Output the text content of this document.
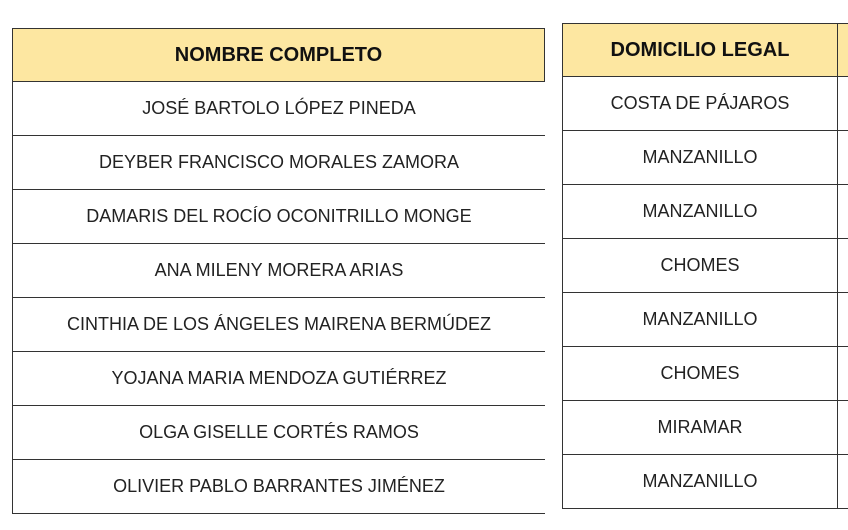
NOMBRE COMPLETO
JOSÉ BARTOLO LÓPEZ PINEDA
DEYBER FRANCISCO MORALES ZAMORA
DAMARIS DEL ROCÍO OCONITRILLO MONGE
ANA MILENY MORERA ARIAS
CINTHIA DE LOS ÁNGELES MAIRENA BERMÚDEZ
YOJANA MARIA MENDOZA GUTIÉRREZ
OLGA GISELLE CORTÉS RAMOS
OLIVIER PABLO BARRANTES JIMÉNEZ
DOMICILIO LEGAL
COSTA DE PÁJAROS
MANZANILLO
MANZANILLO
CHOMES
MANZANILLO
CHOMES
MIRAMAR
MANZANILLO
